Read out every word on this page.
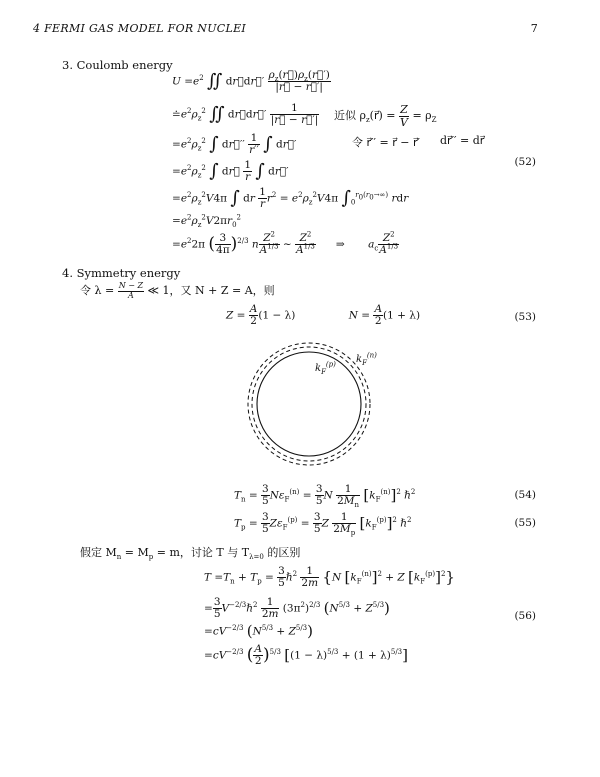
4 FERMI GAS MODEL FOR NUCLEI	7
3. Coulomb energy
$U =e^2$ ∬ dr⃗dr⃗′ $\frac{\rho_z(r⃗)\rho_z(r⃗')}{|r⃗ - r⃗'|}$
$≐e^2\rho_z^2$ ∬ dr⃗dr⃗′ $\frac{1}{|r⃗ - r⃗'|}$ 近似 $\rho_z(r⃗) = \frac{Z}{V} = \rho_Z$
$=e^2\rho_z^2$ ∫ dr⃗′′ $\frac{1}{r''}$ ∫ dr⃗′	令 r⃗′′ = r⃗ − r⃗′ dr⃗′′ = dr⃗
$=e^2\rho_z^2$ ∫ dr⃗ $\frac{1}{r}$ ∫ dr⃗′
(52)
$=e^2\rho_z^2V4\pi$ ∫ dr $\frac{1}{r} r^2 = e^2\rho_z^2V4\pi$ $\int_0^{r_0(r_0\to\infty)}$ rdr
$=e^2\rho_z^2V2\pi r_0^2$
$=e^22\pi$ ( $\frac{3}{4\pi} )^{2/3}$ n $\frac{Z^2}{A^{1/3}}$ ∼ $\frac{Z^2}{A^{1/3}}$ ⇒ $a_c \frac{Z^2}{A^{1/3}}$
4. Symmetry energy
令 $\lambda = \frac{N - Z}{A}$ ≪ 1，又 N + Z = A，则
$Z = \frac{A}{2} (1 - \lambda)$                $N = \frac{A}{2} (1 + \lambda)$	(53)
$k_F^{(p)}$ $k_F^{(n)}$
$T_n = \frac{3}{5} N\varepsilon_F^{(n)} = \frac{3}{5}$ N $\frac{1}{2M_n} [k_F^{(n)}]^2$ ℏ$^2$	(54)
$T_p = \frac{3}{5} Z\varepsilon_F^{(p)} = \frac{3}{5}$ Z $\frac{1}{2M_p} [k_F^{(p)}]^2$ ℏ$^2$	(55)
假定 $M_n = M_p = m$，讨论 T 与 $T_{\lambda=0}$ 的区别
$T =T_n + T_p = \frac{3}{5}$ ℏ$^2$ $\frac{1}{2m} \{N$ $[k_F^{(n)}]^2 + Z$ $[k_F^{(p)}]^2$}
= $\frac{3}{5}$ $V^{-2/3}\hbar^2 \frac{1}{2m} (3\pi^2)^{2/3}$ $(N^{5/3} + Z^{5/3})$
$=cV^{-2/3}$ $(N^{5/3} + Z^{5/3})$
(56)
$=cV^{-2/3}$ ( $\frac{A}{2} )^{5/3}$ $[(1 - \lambda)^{5/3} + (1 + \lambda)^{5/3}]$
